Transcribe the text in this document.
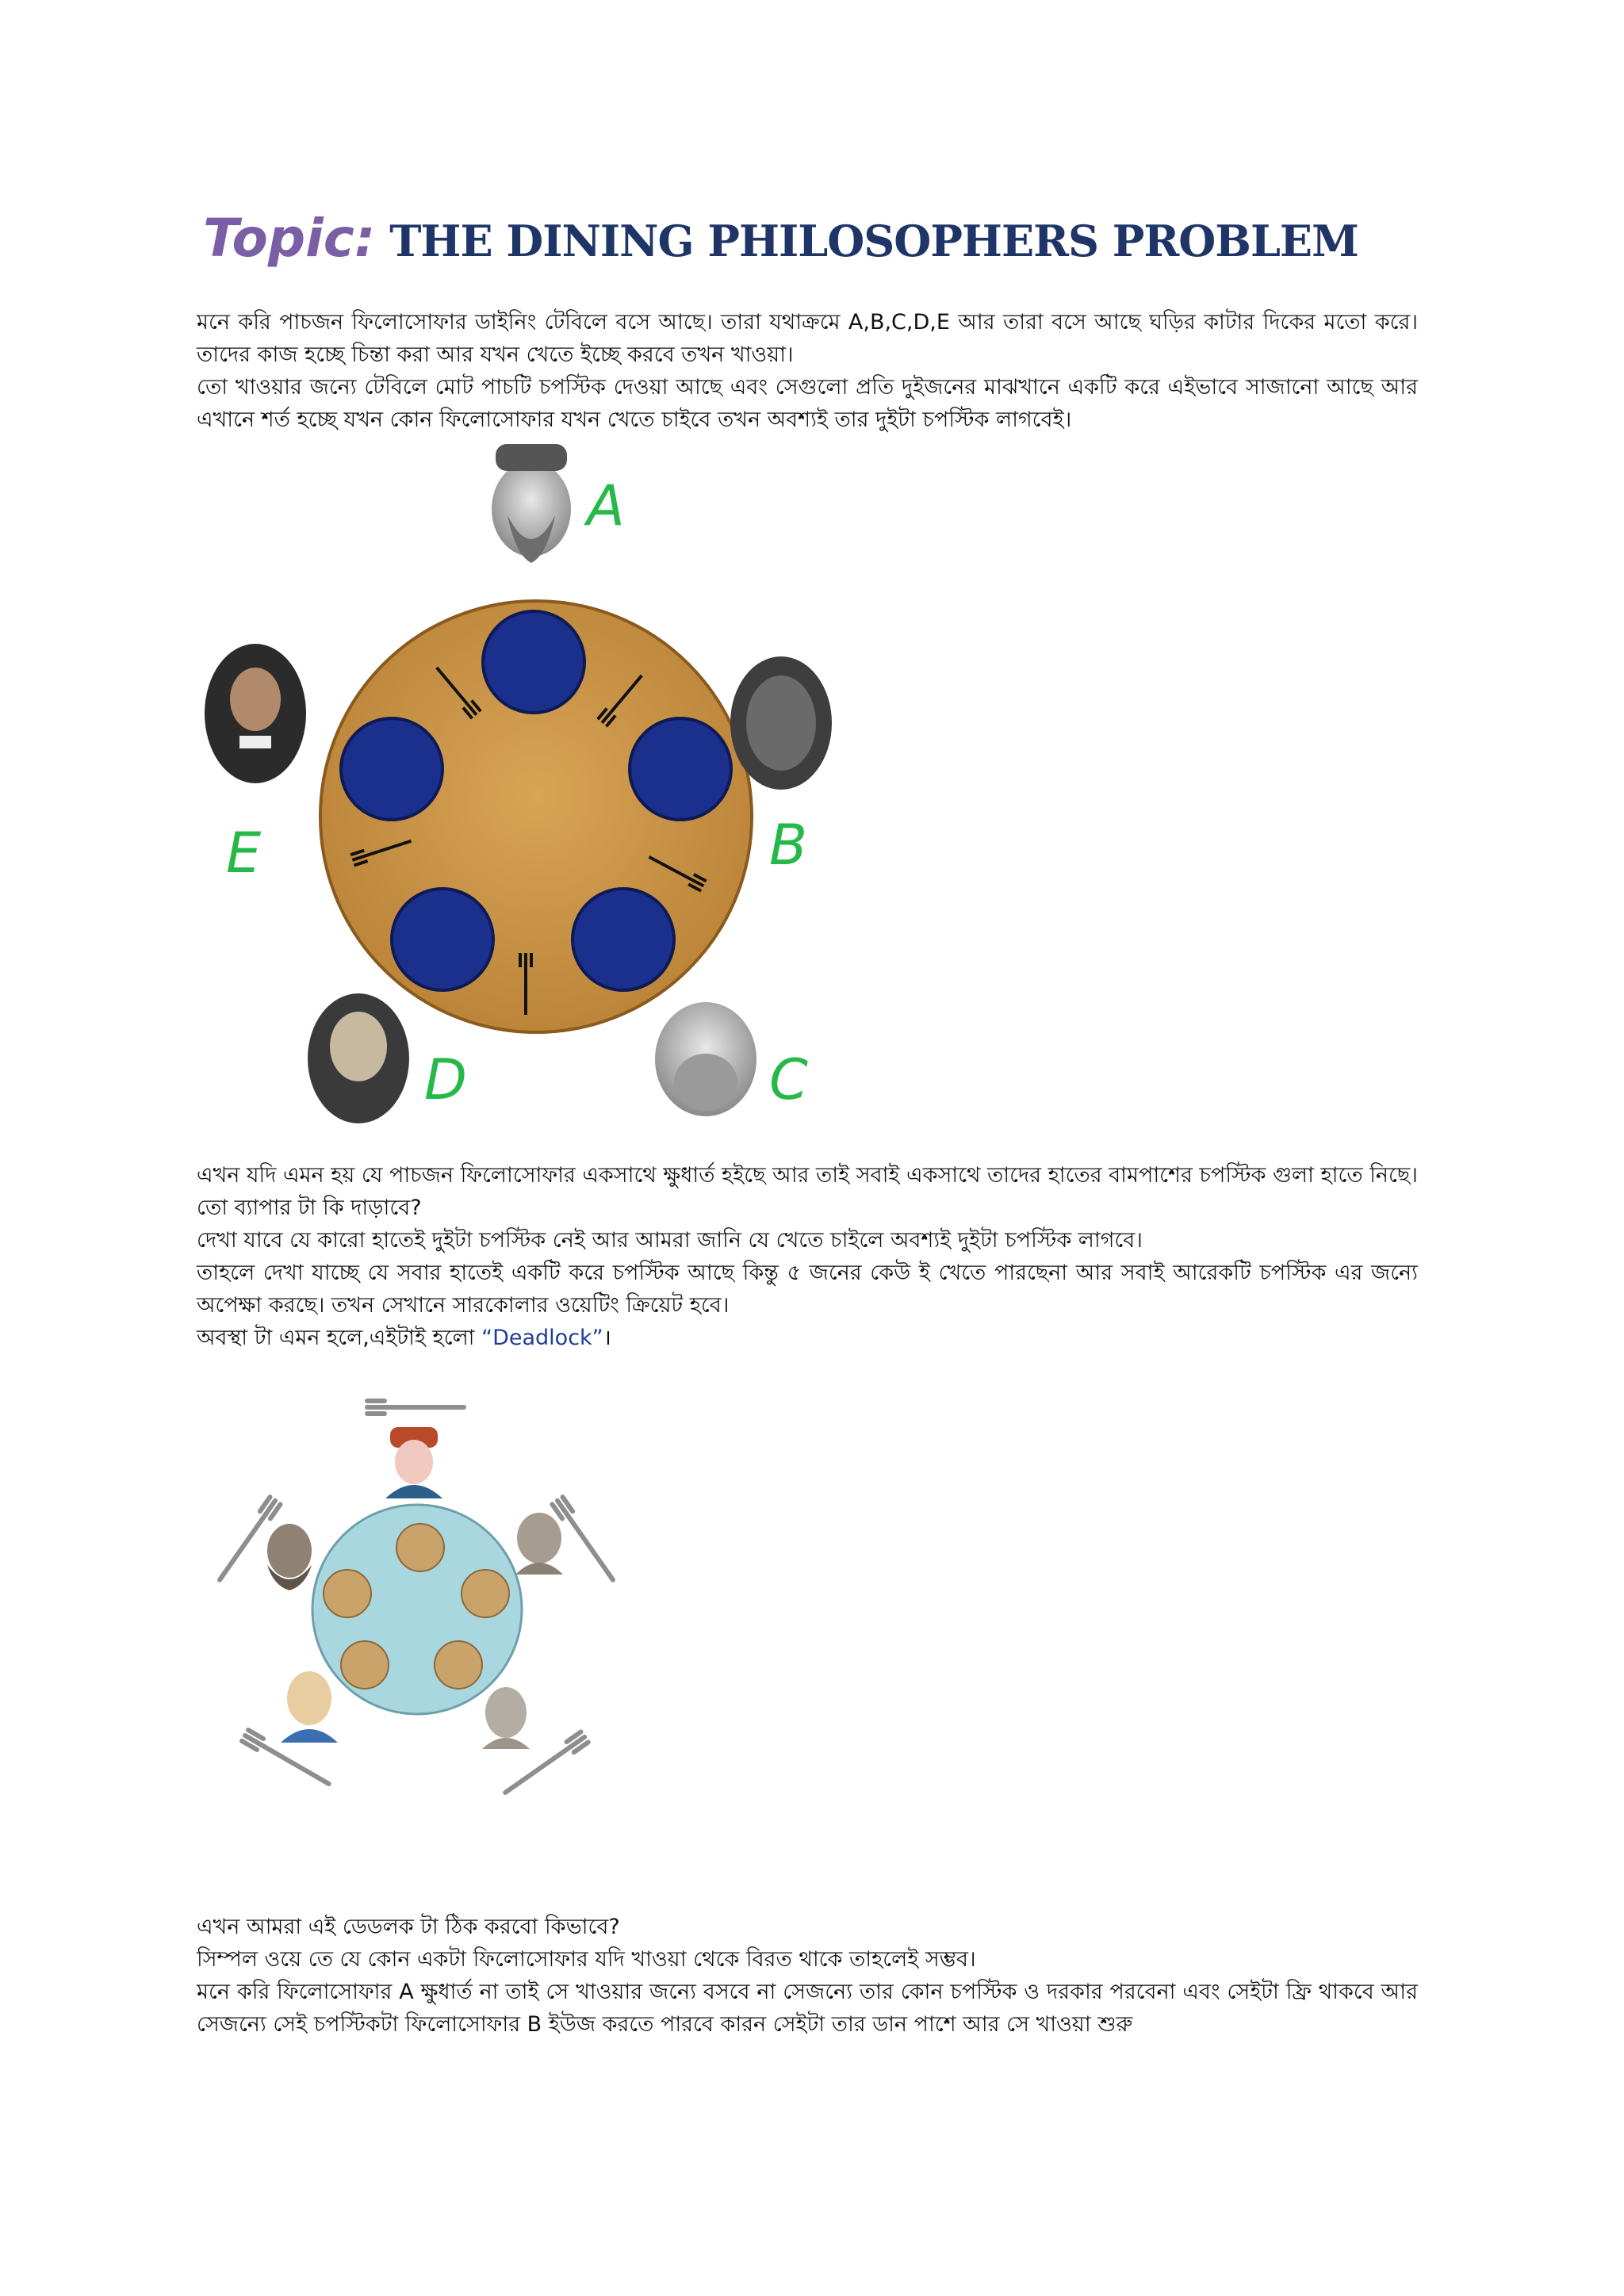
Topic: THE DINING PHILOSOPHERS PROBLEM

মনে করি পাচজন ফিলোসোফার ডাইনিং টেবিলে বসে আছে। তারা যথাক্রমে A,B,C,D,E আর তারা বসে আছে ঘড়ির কাটার দিকের মতো করে। তাদের কাজ হচ্ছে চিন্তা করা আর যখন খেতে ইচ্ছে করবে তখন খাওয়া।

তো খাওয়ার জন্যে টেবিলে মোট পাচটি চপস্টিক দেওয়া আছে এবং সেগুলো প্রতি দুইজনের মাঝখানে একটি করে এইভাবে সাজানো আছে আর এখানে শর্ত হচ্ছে যখন কোন ফিলোসোফার যখন খেতে চাইবে তখন অবশ্যই তার দুইটা চপস্টিক লাগবেই।

A
B
C
D
E

এখন যদি এমন হয় যে পাচজন ফিলোসোফার একসাথে ক্ষুধার্ত হইছে আর তাই সবাই একসাথে তাদের হাতের বামপাশের চপস্টিক গুলা হাতে নিছে।

তো ব্যাপার টা কি দাড়াবে?

দেখা যাবে যে কারো হাতেই দুইটা চপস্টিক নেই আর আমরা জানি যে খেতে চাইলে অবশ্যই দুইটা চপস্টিক লাগবে।

তাহলে দেখা যাচ্ছে যে সবার হাতেই একটি করে চপস্টিক আছে কিন্তু ৫ জনের কেউ ই খেতে পারছেনা আর সবাই আরেকটি চপস্টিক এর জন্যে অপেক্ষা করছে। তখন সেখানে সারকোলার ওয়েটিং ক্রিয়েট হবে।

অবস্থা টা এমন হলে,এইটাই হলো “Deadlock”।

এখন আমরা এই ডেডলক টা ঠিক করবো কিভাবে?

সিম্পল ওয়ে তে যে কোন একটা ফিলোসোফার যদি খাওয়া থেকে বিরত থাকে তাহলেই সম্ভব।

মনে করি ফিলোসোফার A ক্ষুধার্ত না তাই সে খাওয়ার জন্যে বসবে না সেজন্যে তার কোন চপস্টিক ও দরকার পরবেনা এবং সেইটা ফ্রি থাকবে আর সেজন্যে সেই চপস্টিকটা ফিলোসোফার B ইউজ করতে পারবে কারন সেইটা তার ডান পাশে আর সে খাওয়া শুরু
